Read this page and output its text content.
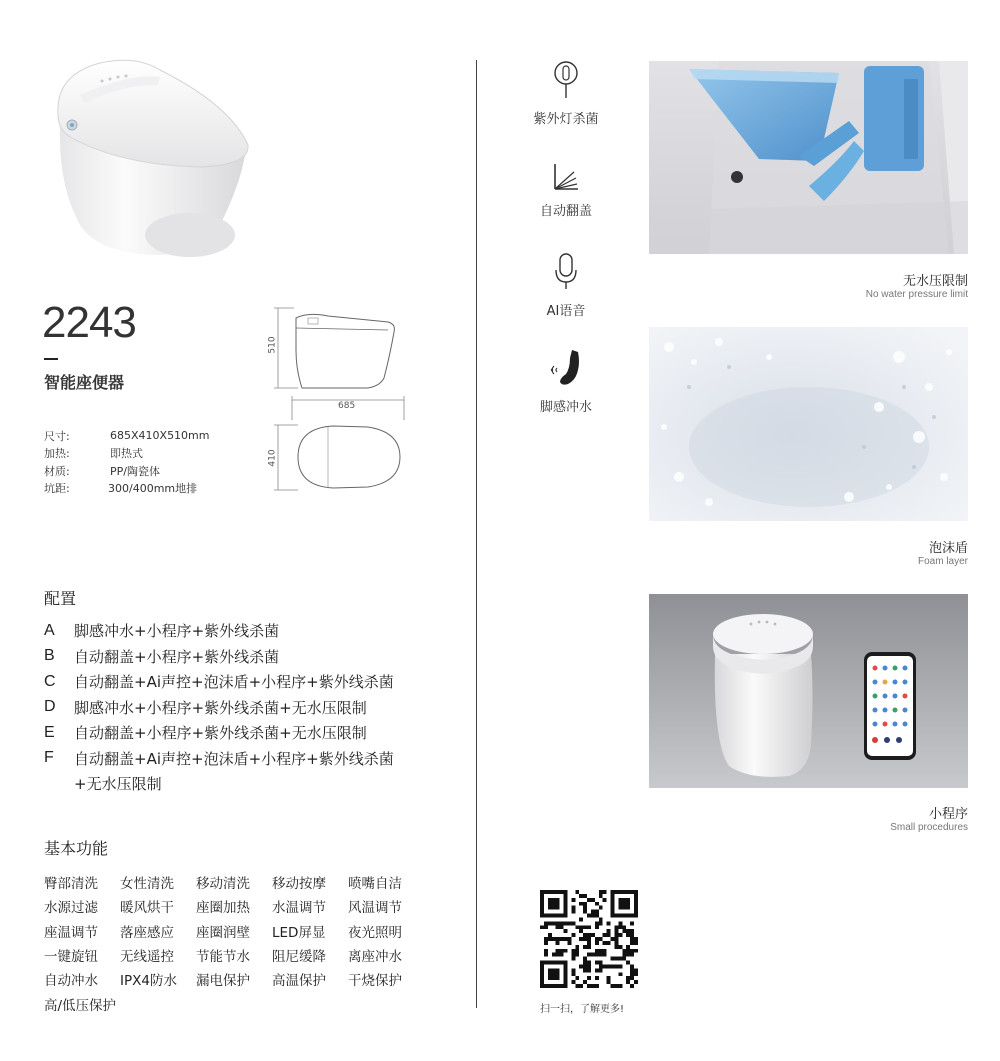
2243
智能座便器
尺寸:	685X410X510mm
加热:	即热式
材质:	PP/陶瓷体
坑距:	300/400mm地排
510
685
410
配置
A	脚感冲水+小程序+紫外线杀菌
B	自动翻盖+小程序+紫外线杀菌
C	自动翻盖+Ai声控+泡沫盾+小程序+紫外线杀菌
D	脚感冲水+小程序+紫外线杀菌+无水压限制
E	自动翻盖+小程序+紫外线杀菌+无水压限制
F	自动翻盖+Ai声控+泡沫盾+小程序+紫外线杀菌
+无水压限制
基本功能
臀部清洗	女性清洗	移动清洗	移动按摩	喷嘴自洁
水源过滤	暖风烘干	座圈加热	水温调节	风温调节
座温调节	落座感应	座圈润壁	LED屏显	夜光照明
一键旋钮	无线遥控	节能节水	阻尼缓降	离座冲水
自动冲水	IPX4防水	漏电保护	高温保护	干烧保护
高/低压保护
紫外灯杀菌
自动翻盖
AI语音
脚感冲水
无水压限制
No water pressure limit
泡沫盾
Foam layer
小程序
Small procedures
扫一扫，了解更多!
